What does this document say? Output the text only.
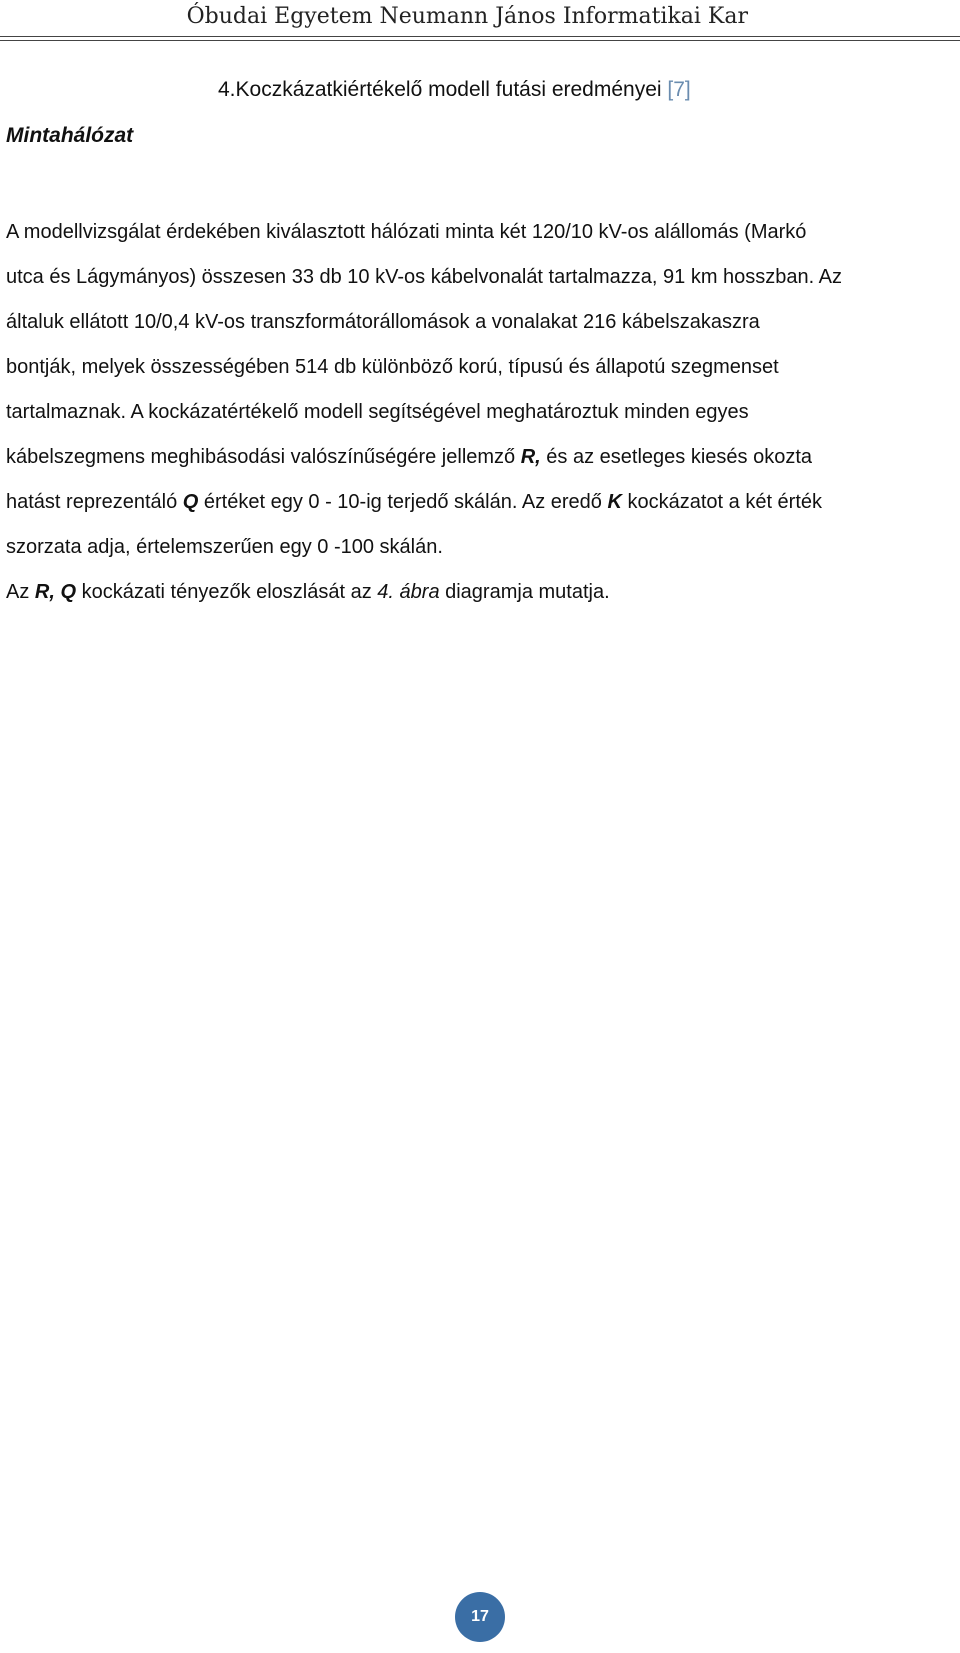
Óbudai Egyetem Neumann János Informatikai Kar
4.Koczkázatkiértékelő modell futási eredményei [7]
Mintahálózat

A modellvizsgálat érdekében kiválasztott hálózati minta két 120/10 kV-os alállomás (Markó
utca és Lágymányos) összesen 33 db 10 kV-os kábelvonalát tartalmazza, 91 km hosszban. Az
általuk ellátott 10/0,4 kV-os transzformátorállomások a vonalakat 216 kábelszakaszra
bontják, melyek összességében 514 db különböző korú, típusú és állapotú szegmenset
tartalmaznak. A kockázatértékelő modell segítségével meghatároztuk minden egyes
kábelszegmens meghibásodási valószínűségére jellemző R, és az esetleges kiesés okozta
hatást reprezentáló Q értéket egy 0 - 10-ig terjedő skálán. Az eredő K kockázatot a két érték
szorzata adja, értelemszerűen egy 0 -100 skálán.

Az R, Q kockázati tényezők eloszlását az 4. ábra diagramja mutatja.

17
